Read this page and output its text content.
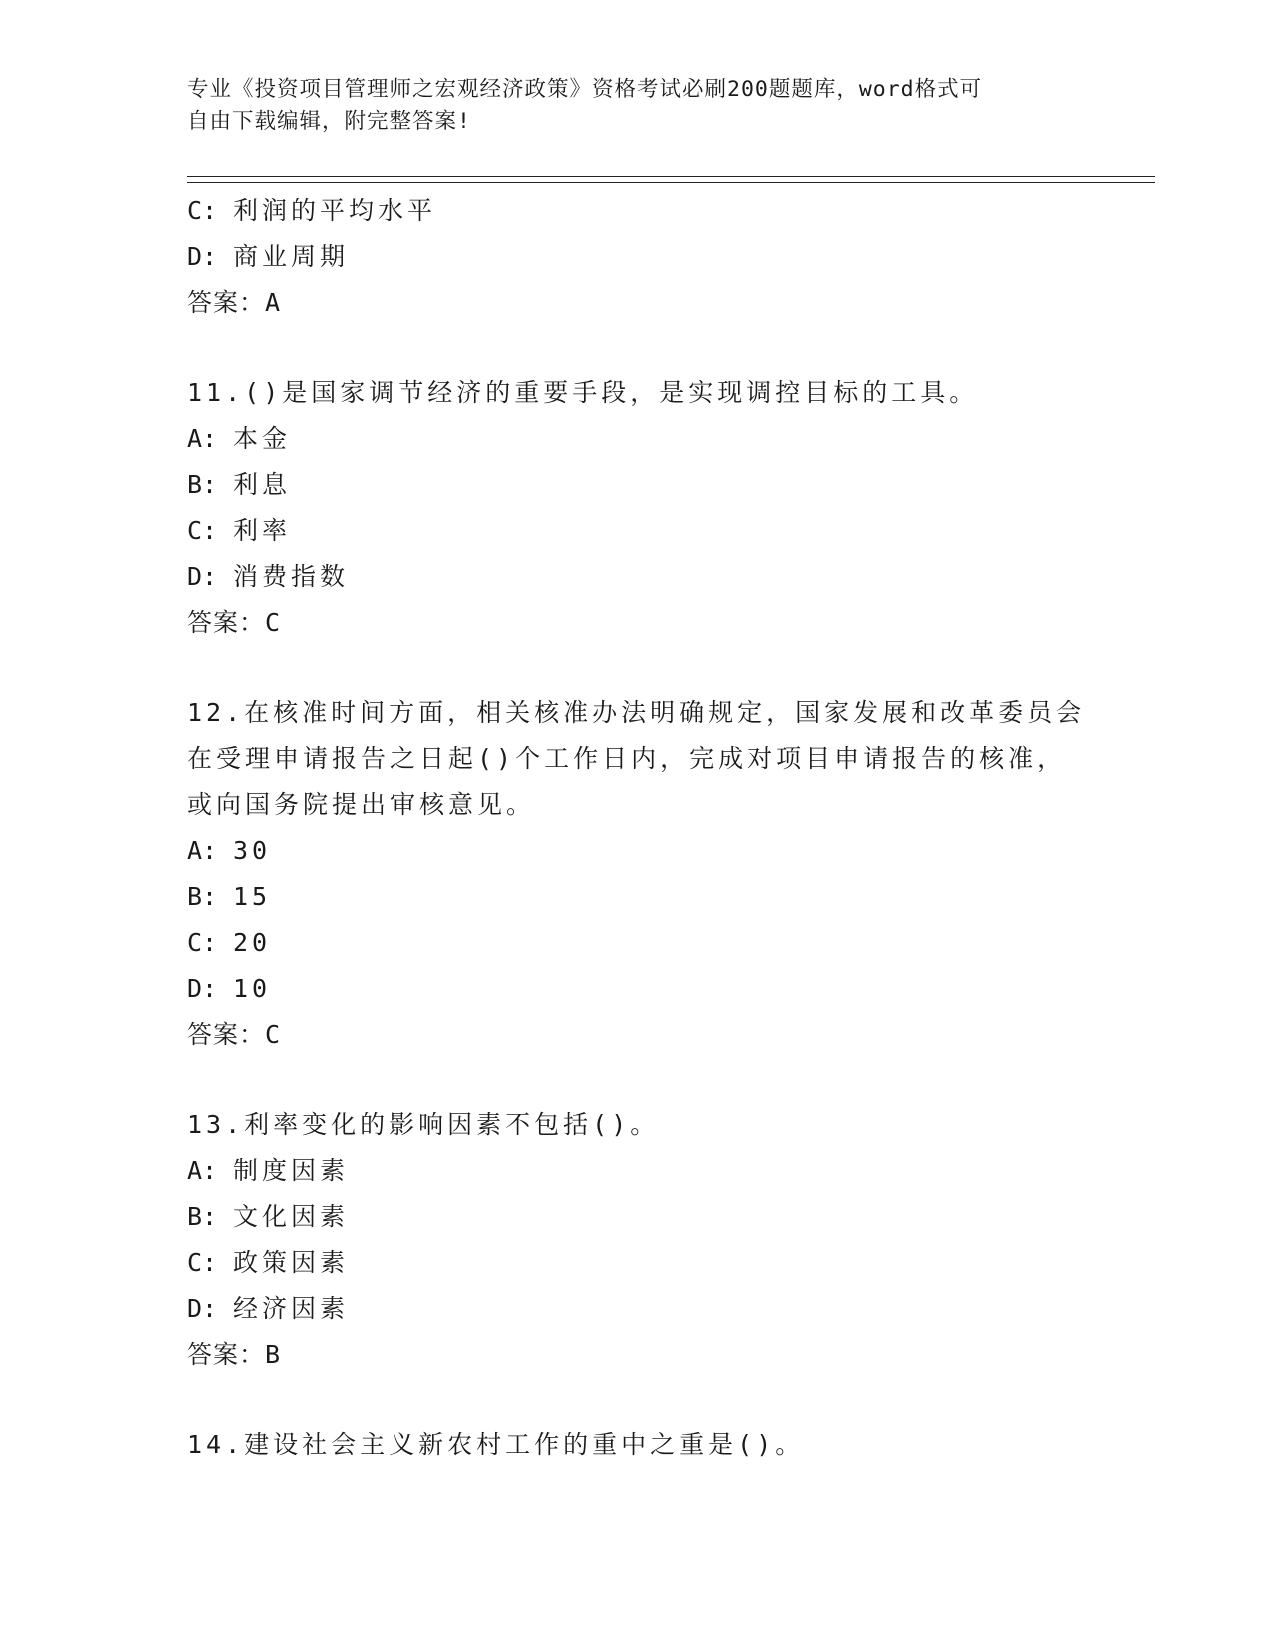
专业《投资项目管理师之宏观经济政策》资格考试必刷200题题库，word格式可
自由下载编辑，附完整答案!
C: 利润的平均水平
D: 商业周期
答案：A
11.()是国家调节经济的重要手段，是实现调控目标的工具。
A: 本金
B: 利息
C: 利率
D: 消费指数
答案：C
12.在核准时间方面，相关核准办法明确规定，国家发展和改革委员会
在受理申请报告之日起()个工作日内，完成对项目申请报告的核准，
或向国务院提出审核意见。
A: 30
B: 15
C: 20
D: 10
答案：C
13.利率变化的影响因素不包括()。
A: 制度因素
B: 文化因素
C: 政策因素
D: 经济因素
答案：B
14.建设社会主义新农村工作的重中之重是()。
